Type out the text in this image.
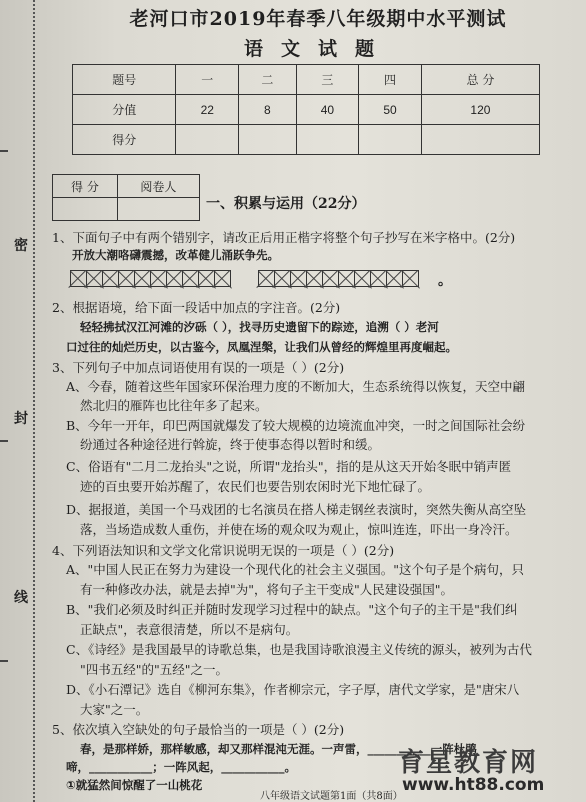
密
封
线
老河口市2019年春季八年级期中水平测试
语文试题
题号	一	二	三	四	总 分
分值	22	8	40	50	120
得分					
得 分	阅卷人

一、积累与运用（22分）
1、下面句子中有两个错别字，请改正后用正楷字将整个句子抄写在米字格中。(2分)
开放大潮咯礴震撼，改革健儿涌跃争先。
。
2、根据语境，给下面一段话中加点的字注音。(2分)
轻轻拂拭汉江河滩的汐砾（ ），找寻历史遗留下的踪迹，追溯（ ）老河
口过往的灿烂历史，以古鉴今，凤凰涅槃，让我们从曾经的辉煌里再度崛起。
3、下列句子中加点词语使用有误的一项是（ ）(2分)
A、今春，随着这些年国家环保治理力度的不断加大，生态系统得以恢复，天空中翩
然北归的雁阵也比往年多了起来。
B、今年一开年，印巴两国就爆发了较大规模的边境流血冲突，一时之间国际社会纷
纷通过各种途径进行斡旋，终于使事态得以暂时和缓。
C、俗语有"二月二龙抬头"之说，所谓"龙抬头"，指的是从这天开始冬眠中销声匿
迹的百虫要开始苏醒了，农民们也要告别农闲时光下地忙碌了。
D、据报道，美国一个马戏团的七名演员在搭人梯走钢丝表演时，突然失衡从高空坠
落，当场造成数人重伤，并使在场的观众叹为观止，惊叫连连，吓出一身冷汗。
4、下列语法知识和文学文化常识说明无误的一项是（ ）(2分)
A、"中国人民正在努力为建设一个现代化的社会主义强国。"这个句子是个病句，只
有一种修改办法，就是去掉"为"，将句子主干变成"人民建设强国"。
B、"我们必须及时纠正并随时发现学习过程中的缺点。"这个句子的主干是"我们纠
正缺点"，表意很清楚，所以不是病句。
C、《诗经》是我国最早的诗歌总集，也是我国诗歌浪漫主义传统的源头，被列为古代
"四书五经"的"五经"之一。
D、《小石潭记》选自《柳河东集》，作者柳宗元，字子厚，唐代文学家，是"唐宋八
大家"之一。
5、依次填入空缺处的句子最恰当的一项是（ ）(2分)
春，是那样娇，那样敏感，却又那样混沌无涯。一声雷，___________一阵杜鹃
啼，___________；一阵风起，___________。
①就猛然间惊醒了一山桃花
育星教育网
www.ht88.com
八年级语文试题第1面（共8面）
